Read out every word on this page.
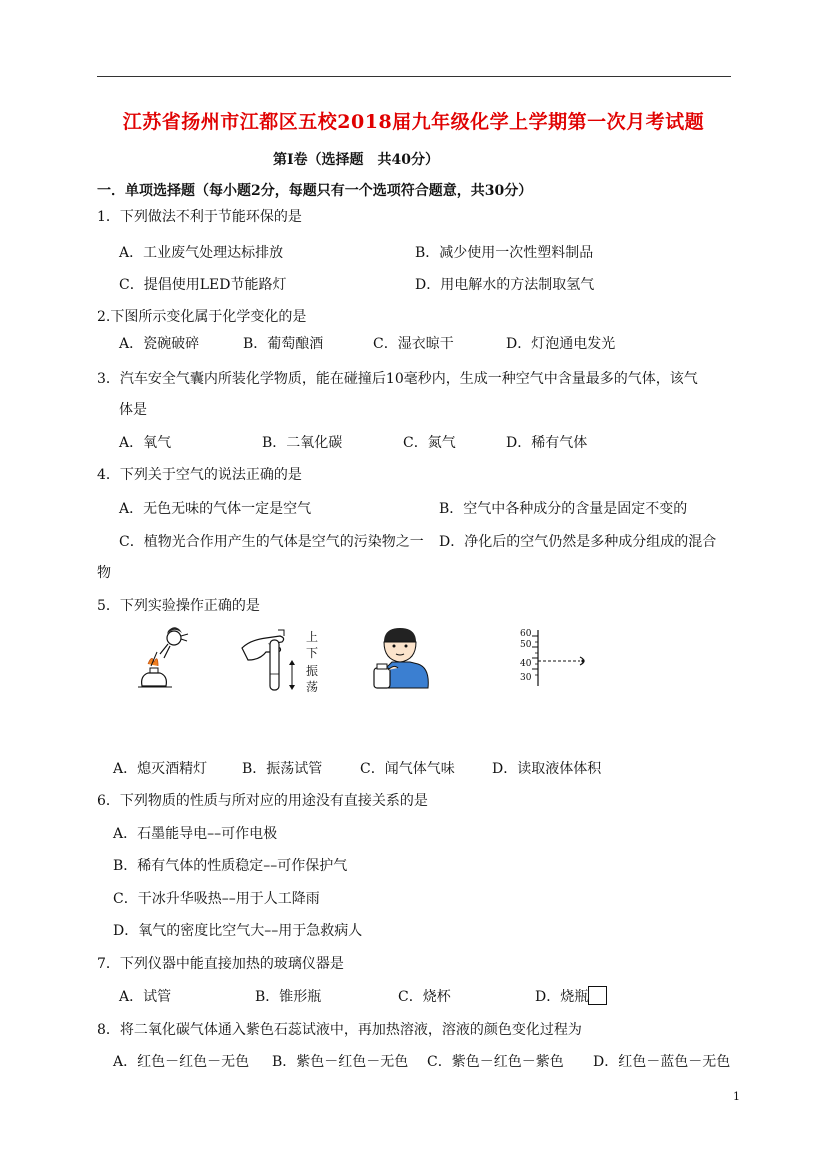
江苏省扬州市江都区五校2018届九年级化学上学期第一次月考试题
第Ⅰ卷（选择题　共40分）
一．单项选择题（每小题2分，每题只有一个选项符合题意，共30分）
1．下列做法不利于节能环保的是
A．工业废气处理达标排放	B．减少使用一次性塑料制品
C．提倡使用LED节能路灯	D．用电解水的方法制取氢气
2.下图所示变化属于化学变化的是
A．瓷碗破碎	B．葡萄酿酒	C．湿衣晾干	D．灯泡通电发光
3．汽车安全气囊内所装化学物质，能在碰撞后10毫秒内，生成一种空气中含量最多的气体，该气
体是
A．氧气	B．二氧化碳	C．氮气	D．稀有气体
4．下列关于空气的说法正确的是
A．无色无味的气体一定是空气	B．空气中各种成分的含量是固定不变的
C．植物光合作用产生的气体是空气的污染物之一 D．净化后的空气仍然是多种成分组成的混合
物
5．下列实验操作正确的是
上
下
振
荡
60
50
40
30
A．熄灭酒精灯 B．振荡试管	C．闻气体气味	D．读取液体体积
6．下列物质的性质与所对应的用途没有直接关系的是
A．石墨能导电––可作电极
B．稀有气体的性质稳定––可作保护气
C．干冰升华吸热––用于人工降雨
D．氧气的密度比空气大––用于急救病人
7．下列仪器中能直接加热的玻璃仪器是
A．试管	B．锥形瓶	C．烧杯	D．烧瓶
8．将二氧化碳气体通入紫色石蕊试液中，再加热溶液，溶液的颜色变化过程为
A．红色－红色－无色 B．紫色－红色－无色 C．紫色－红色－紫色 D．红色－蓝色－无色
1
